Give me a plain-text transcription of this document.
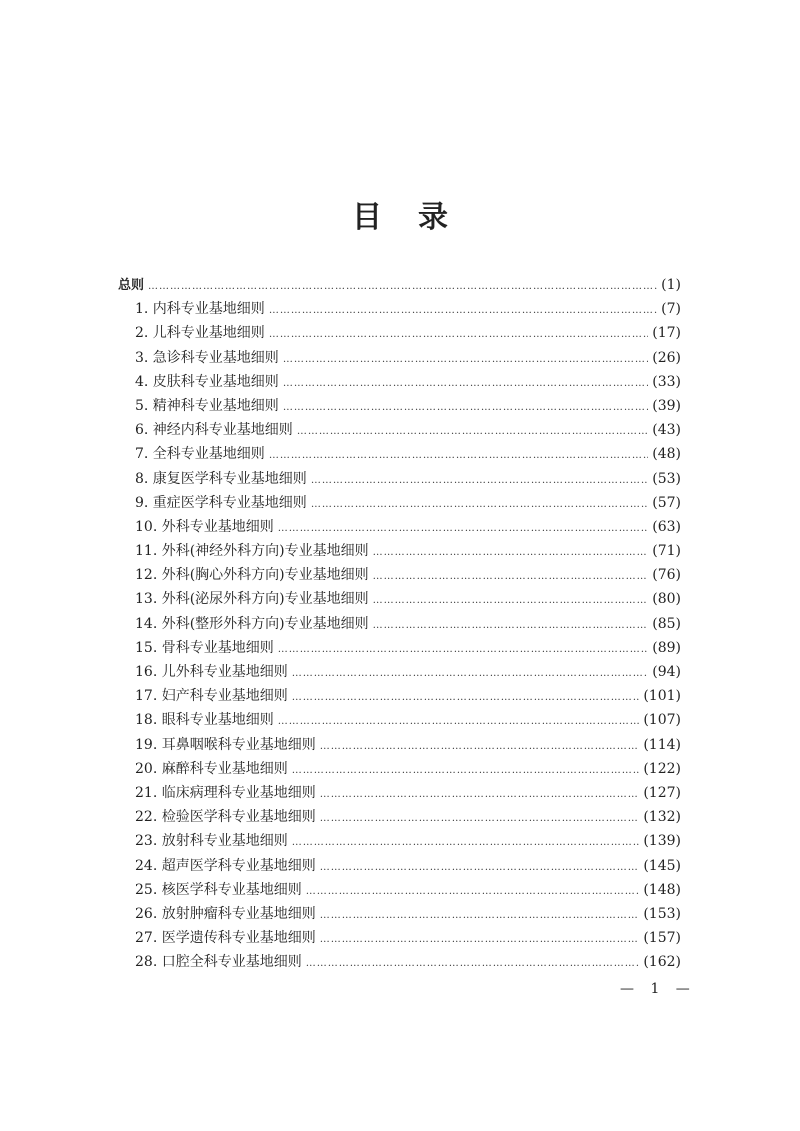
目录
总则 ……………………………………………………………………………………………………………………………………………………………………	(1)
1. 内科专业基地细则 ……………………………………………………………………………………………………………………………………………………………………	(7)
2. 儿科专业基地细则 ……………………………………………………………………………………………………………………………………………………………………	(17)
3. 急诊科专业基地细则 ……………………………………………………………………………………………………………………………………………………………………	(26)
4. 皮肤科专业基地细则 ……………………………………………………………………………………………………………………………………………………………………	(33)
5. 精神科专业基地细则 ……………………………………………………………………………………………………………………………………………………………………	(39)
6. 神经内科专业基地细则 ……………………………………………………………………………………………………………………………………………………………………	(43)
7. 全科专业基地细则 ……………………………………………………………………………………………………………………………………………………………………	(48)
8. 康复医学科专业基地细则 ……………………………………………………………………………………………………………………………………………………………………	(53)
9. 重症医学科专业基地细则 ……………………………………………………………………………………………………………………………………………………………………	(57)
10. 外科专业基地细则 ……………………………………………………………………………………………………………………………………………………………………	(63)
11. 外科(神经外科方向)专业基地细则 ……………………………………………………………………………………………………………………………………………………………………	(71)
12. 外科(胸心外科方向)专业基地细则 ……………………………………………………………………………………………………………………………………………………………………	(76)
13. 外科(泌尿外科方向)专业基地细则 ……………………………………………………………………………………………………………………………………………………………………	(80)
14. 外科(整形外科方向)专业基地细则 ……………………………………………………………………………………………………………………………………………………………………	(85)
15. 骨科专业基地细则 ……………………………………………………………………………………………………………………………………………………………………	(89)
16. 儿外科专业基地细则 ……………………………………………………………………………………………………………………………………………………………………	(94)
17. 妇产科专业基地细则 ……………………………………………………………………………………………………………………………………………………………………	(101)
18. 眼科专业基地细则 ……………………………………………………………………………………………………………………………………………………………………	(107)
19. 耳鼻咽喉科专业基地细则 ……………………………………………………………………………………………………………………………………………………………………	(114)
20. 麻醉科专业基地细则 ……………………………………………………………………………………………………………………………………………………………………	(122)
21. 临床病理科专业基地细则 ……………………………………………………………………………………………………………………………………………………………………	(127)
22. 检验医学科专业基地细则 ……………………………………………………………………………………………………………………………………………………………………	(132)
23. 放射科专业基地细则 ……………………………………………………………………………………………………………………………………………………………………	(139)
24. 超声医学科专业基地细则 ……………………………………………………………………………………………………………………………………………………………………	(145)
25. 核医学科专业基地细则 ……………………………………………………………………………………………………………………………………………………………………	(148)
26. 放射肿瘤科专业基地细则 ……………………………………………………………………………………………………………………………………………………………………	(153)
27. 医学遗传科专业基地细则 ……………………………………………………………………………………………………………………………………………………………………	(157)
28. 口腔全科专业基地细则 ……………………………………………………………………………………………………………………………………………………………………	(162)
— 1 —
